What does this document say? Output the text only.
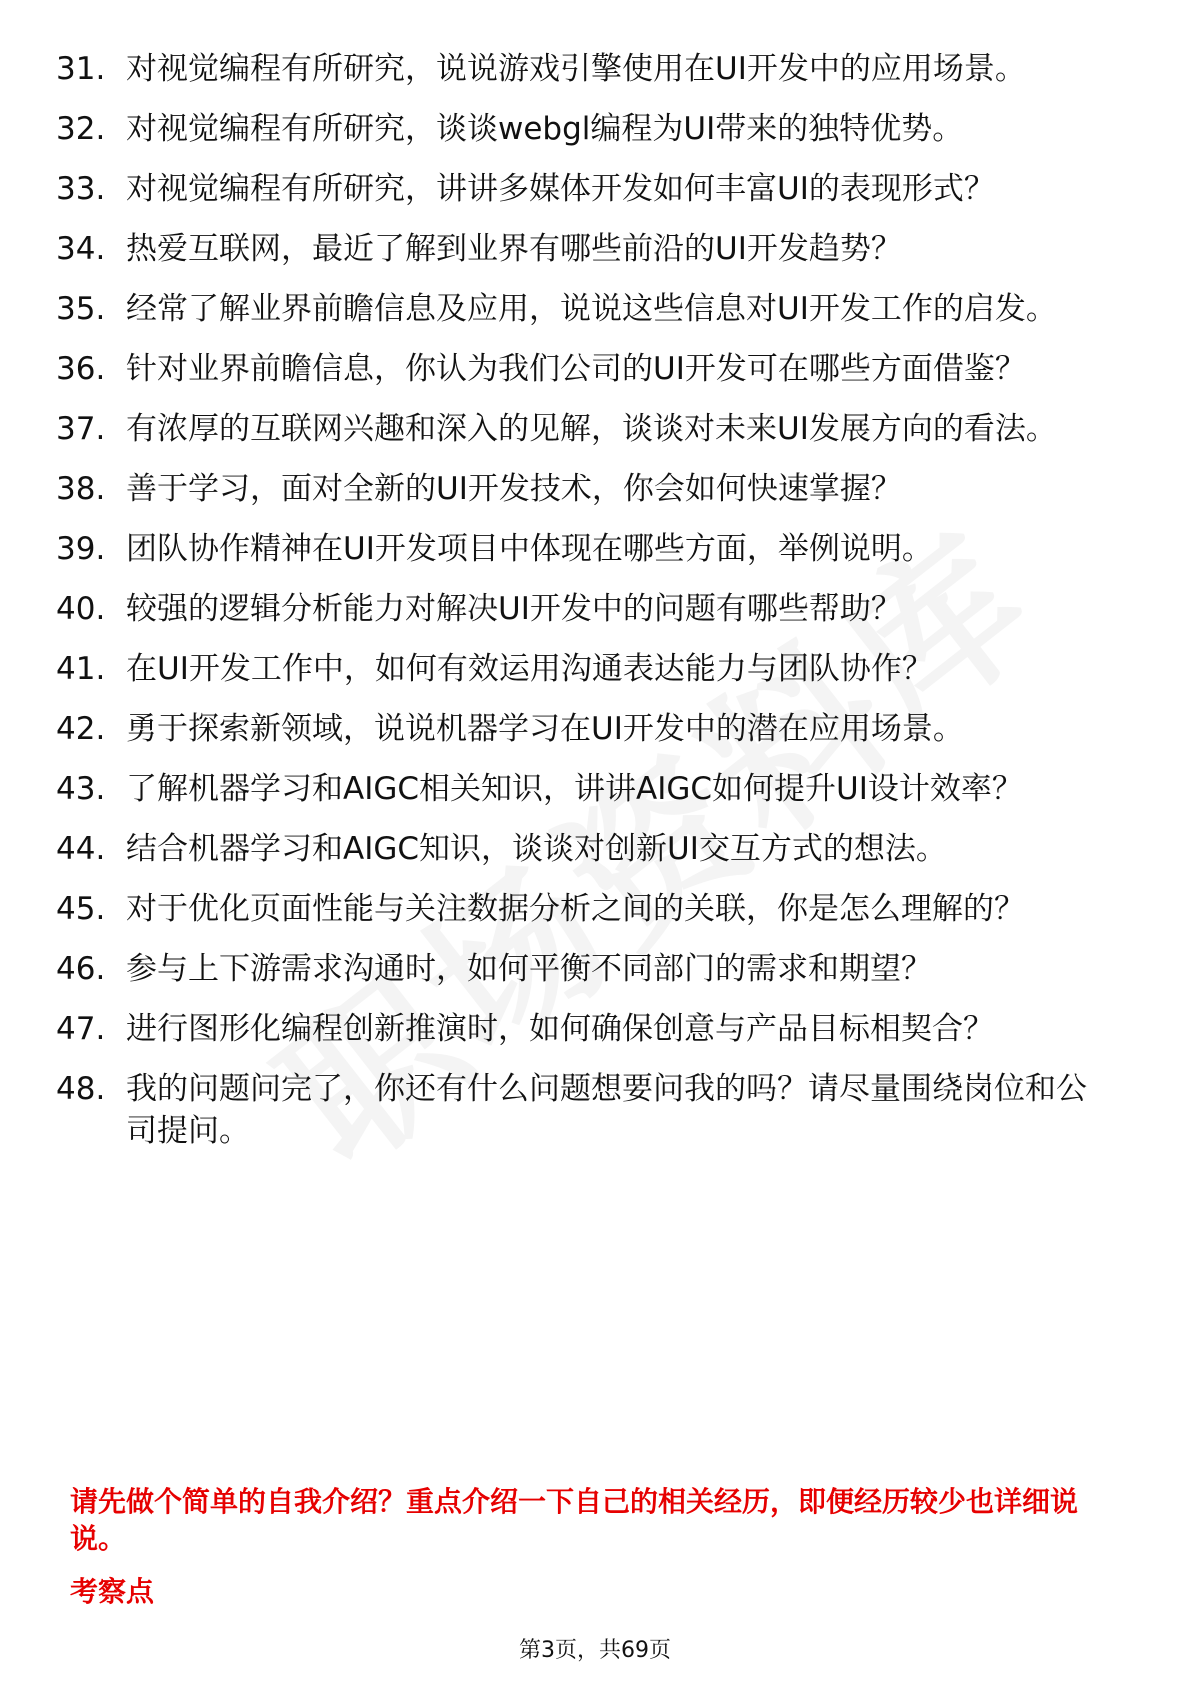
31. 对视觉编程有所研究，说说游戏引擎使用在UI开发中的应用场景。
32. 对视觉编程有所研究，谈谈webgl编程为UI带来的独特优势。
33. 对视觉编程有所研究，讲讲多媒体开发如何丰富UI的表现形式？
34. 热爱互联网，最近了解到业界有哪些前沿的UI开发趋势？
35. 经常了解业界前瞻信息及应用，说说这些信息对UI开发工作的启发。
36. 针对业界前瞻信息，你认为我们公司的UI开发可在哪些方面借鉴？
37. 有浓厚的互联网兴趣和深入的见解，谈谈对未来UI发展方向的看法。
38. 善于学习，面对全新的UI开发技术，你会如何快速掌握？
39. 团队协作精神在UI开发项目中体现在哪些方面，举例说明。
40. 较强的逻辑分析能力对解决UI开发中的问题有哪些帮助？
41. 在UI开发工作中，如何有效运用沟通表达能力与团队协作？
42. 勇于探索新领域，说说机器学习在UI开发中的潜在应用场景。
43. 了解机器学习和AIGC相关知识，讲讲AIGC如何提升UI设计效率？
44. 结合机器学习和AIGC知识，谈谈对创新UI交互方式的想法。
45. 对于优化页面性能与关注数据分析之间的关联，你是怎么理解的？
46. 参与上下游需求沟通时，如何平衡不同部门的需求和期望？
47. 进行图形化编程创新推演时，如何确保创意与产品目标相契合？
48. 我的问题问完了，你还有什么问题想要问我的吗？请尽量围绕岗位和公司提问。
请先做个简单的自我介绍？重点介绍一下自己的相关经历，即便经历较少也详细说说。
考察点
第3页，共69页
